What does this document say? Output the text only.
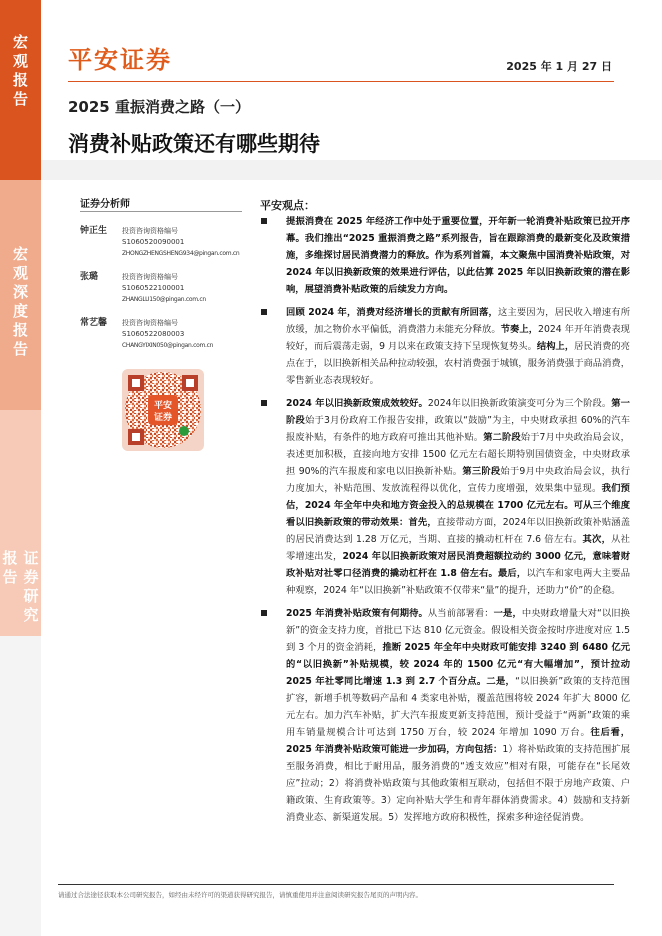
宏观报告
宏观深度报告
证券研究报告
平安证券	2025 年 1 月 27 日
2025 重振消费之路（一）
消费补贴政策还有哪些期待
证券分析师
钟正生 投资咨询资格编号
S1060520090001
ZHONGZHENGSHENG934@pingan.com.cn
张璐	投资咨询资格编号
S1060522100001
ZHANGLU150@pingan.com.cn
常艺馨 投资咨询资格编号
S1060522080003
CHANGYIXIN050@pingan.com.cn
平安
证券
平安观点：
提振消费在 2025 年经济工作中处于重要位置，开年新一轮消费补贴政策已拉开序幕。我们推出“2025 重振消费之路”系列报告，旨在跟踪消费的最新变化及政策措施，多维探讨居民消费潜力的释放。作为系列首篇，本文聚焦中国消费补贴政策，对 2024 年以旧换新政策的效果进行评估，以此估算 2025 年以旧换新政策的潜在影响，展望消费补贴政策的后续发力方向。
回顾 2024 年，消费对经济增长的贡献有所回落，这主要因为，居民收入增速有所放缓，加之物价水平偏低，消费潜力未能充分释放。节奏上，2024 年开年消费表现较好，而后震荡走弱，9 月以来在政策支持下呈现恢复势头。结构上，居民消费的亮点在于，以旧换新相关品种拉动较强，农村消费强于城镇，服务消费强于商品消费，零售新业态表现较好。
2024 年以旧换新政策成效较好。2024年以旧换新政策演变可分为三个阶段。第一阶段始于3月份政府工作报告安排，政策以“鼓励”为主，中央财政承担 60%的汽车报废补贴，有条件的地方政府可推出其他补贴。第二阶段始于7月中央政治局会议，表述更加积极，直接向地方安排 1500 亿元左右超长期特别国债资金，中央财政承担 90%的汽车报废和家电以旧换新补贴。第三阶段始于9月中央政治局会议，执行力度加大，补贴范围、发放流程得以优化，宣传力度增强，效果集中显现。我们预估，2024 年全年中央和地方资金投入的总规模在 1700 亿元左右。可从三个维度看以旧换新政策的带动效果：首先，直接带动方面，2024年以旧换新政策补贴涵盖的居民消费达到 1.28 万亿元，当期、直接的撬动杠杆在 7.6 倍左右。其次，从社零增速出发，2024 年以旧换新政策对居民消费超额拉动约 3000 亿元，意味着财政补贴对社零口径消费的撬动杠杆在 1.8 倍左右。最后，以汽车和家电两大主要品种观察，2024 年“以旧换新”补贴政策不仅带来“量”的提升，还助力“价”的企稳。
2025 年消费补贴政策有何期待。从当前部署看：一是，中央财政增量大对“以旧换新”的资金支持力度，首批已下达 810 亿元资金。假设相关资金按时序进度对应 1.5 到 3 个月的资金消耗，推断 2025 年全年中央财政可能安排 3240 到 6480 亿元的“以旧换新”补贴规模，较 2024 年的 1500 亿元“有大幅增加”，预计拉动 2025 年社零同比增速 1.3 到 2.7 个百分点。二是，“以旧换新”政策的支持范围扩容，新增手机等数码产品和 4 类家电补贴，覆盖范围将较 2024 年扩大 8000 亿元左右。加力汽车补贴，扩大汽车报废更新支持范围，预计受益于“两新”政策的乘用车销量规模合计可达到 1750 万台，较 2024 年增加 1090 万台。往后看，2025 年消费补贴政策可能进一步加码，方向包括：1）将补贴政策的支持范围扩展至服务消费，相比于耐用品，服务消费的“透支效应”相对有限，可能存在“长尾效应”拉动；2）将消费补贴政策与其他政策相互联动，包括但不限于房地产政策、户籍政策、生育政策等。3）定向补贴大学生和青年群体消费需求。4）鼓励和支持新消费业态、新渠道发展。5）发挥地方政府积极性，探索多种途径促消费。
请通过合法途径获取本公司研究报告，如经由未经许可的渠道获得研究报告，请慎重使用并注意阅读研究报告尾页的声明内容。
